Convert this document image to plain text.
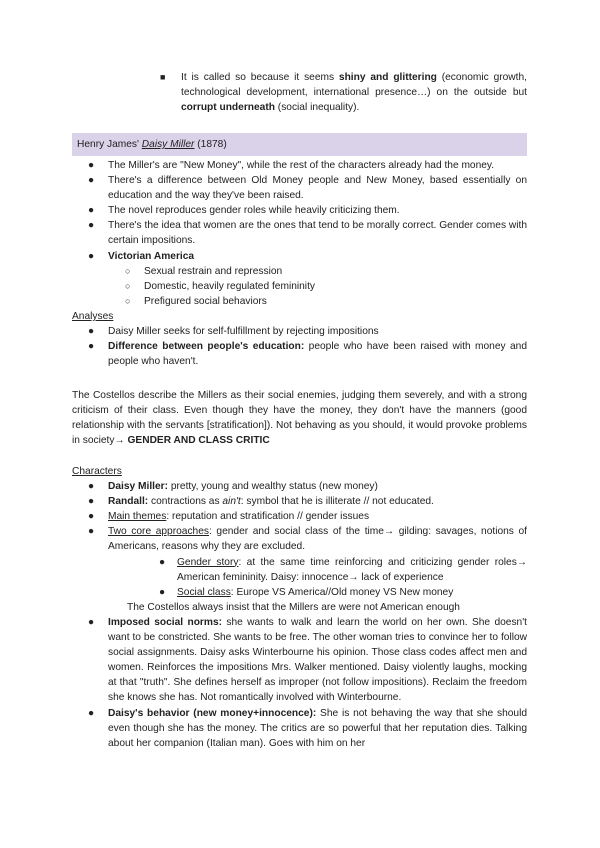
■	It is called so because it seems shiny and glittering (economic growth, technological development, international presence…) on the outside but corrupt underneath (social inequality).

Henry James' Daisy Miller (1878)
● The Miller's are "New Money", while the rest of the characters already had the money.

● There's a difference between Old Money people and New Money, based essentially on education and the way they've been raised.

● The novel reproduces gender roles while heavily criticizing them.

● There's the idea that women are the ones that tend to be morally correct. Gender comes with certain impositions.

● Victorian America

○ Sexual restrain and repression

○ Domestic, heavily regulated femininity

○ Prefigured social behaviors

Analyses

● Daisy Miller seeks for self-fulfillment by rejecting impositions

● Difference between people's education: people who have been raised with money and people who haven't.

The Costellos describe the Millers as their social enemies, judging them severely, and with a strong criticism of their class. Even though they have the money, they don't have the manners (good relationship with the servants [stratification]). Not behaving as you should, it would provoke problems in society→ GENDER AND CLASS CRITIC

Characters

● Daisy Miller: pretty, young and wealthy status (new money)

● Randall: contractions as ain't: symbol that he is illiterate // not educated.

● Main themes: reputation and stratification // gender issues

● Two core approaches: gender and social class of the time→ gilding: savages, notions of Americans, reasons why they are excluded.

● Gender story: at the same time reinforcing and criticizing gender roles→ American femininity. Daisy: innocence→ lack of experience

● Social class: Europe VS America//Old money VS New money

The Costellos always insist that the Millers are were not American enough

● Imposed social norms: she wants to walk and learn the world on her own. She doesn't want to be constricted. She wants to be free. The other woman tries to convince her to follow social assignments. Daisy asks Winterbourne his opinion. Those class codes affect men and women. Reinforces the impositions Mrs. Walker mentioned. Daisy violently laughs, mocking at that "truth". She defines herself as improper (not follow impositions). Reclaim the freedom she knows she has. Not romantically involved with Winterbourne.

● Daisy's behavior (new money+innocence): She is not behaving the way that she should even though she has the money. The critics are so powerful that her reputation dies. Talking about her companion (Italian man). Goes with him on her
